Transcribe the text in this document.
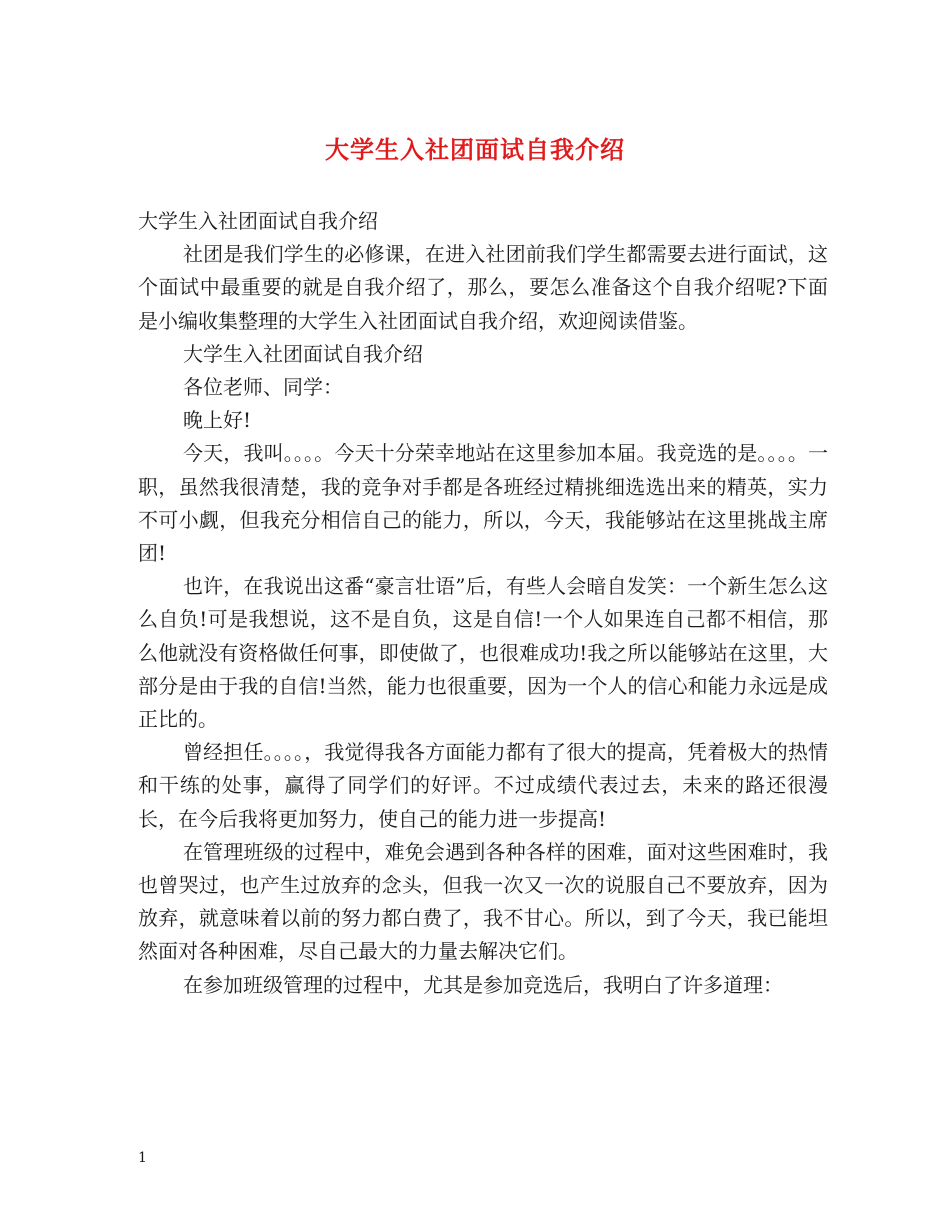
大学生入社团面试自我介绍

大学生入社团面试自我介绍

社团是我们学生的必修课，在进入社团前我们学生都需要去进行面试，这个面试中最重要的就是自我介绍了，那么，要怎么准备这个自我介绍呢?下面是小编收集整理的大学生入社团面试自我介绍，欢迎阅读借鉴。

大学生入社团面试自我介绍

各位老师、同学：

晚上好!

今天，我叫。。。。今天十分荣幸地站在这里参加本届。我竞选的是。。。。一职，虽然我很清楚，我的竞争对手都是各班经过精挑细选选出来的精英，实力不可小觑，但我充分相信自己的能力，所以，今天，我能够站在这里挑战主席团!

也许，在我说出这番“豪言壮语”后，有些人会暗自发笑：一个新生怎么这么自负!可是我想说，这不是自负，这是自信!一个人如果连自己都不相信，那么他就没有资格做任何事，即使做了，也很难成功!我之所以能够站在这里，大部分是由于我的自信!当然，能力也很重要，因为一个人的信心和能力永远是成正比的。

曾经担任。。。。，我觉得我各方面能力都有了很大的提高，凭着极大的热情和干练的处事，赢得了同学们的好评。不过成绩代表过去，未来的路还很漫长，在今后我将更加努力，使自己的能力进一步提高!

在管理班级的过程中，难免会遇到各种各样的困难，面对这些困难时，我也曾哭过，也产生过放弃的念头，但我一次又一次的说服自己不要放弃，因为放弃，就意味着以前的努力都白费了，我不甘心。所以，到了今天，我已能坦然面对各种困难，尽自己最大的力量去解决它们。

在参加班级管理的过程中，尤其是参加竞选后，我明白了许多道理：

1
